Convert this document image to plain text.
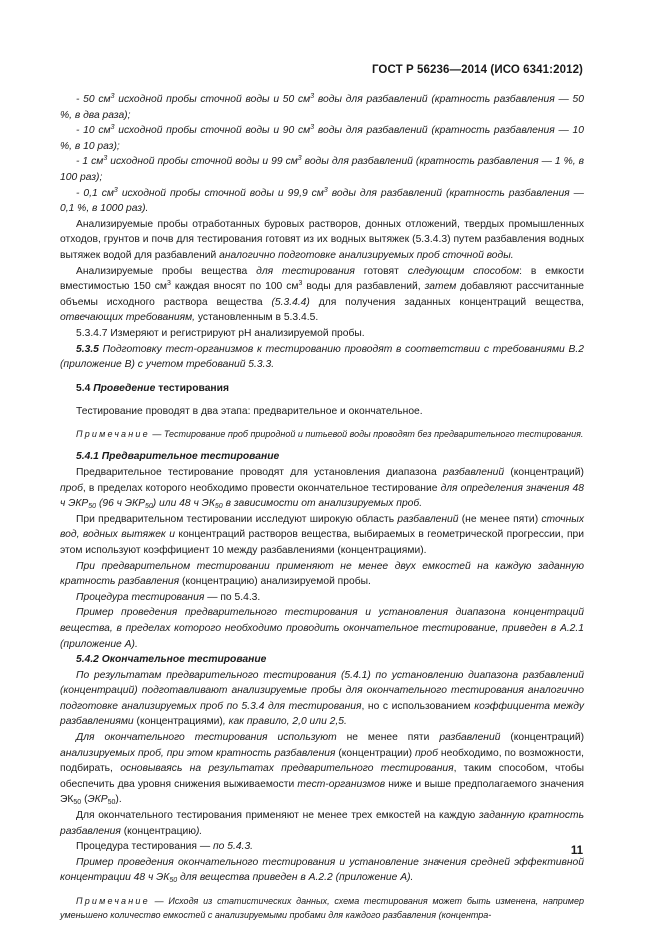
ГОСТ Р 56236—2014 (ИСО 6341:2012)

- 50 $см^3$ исходной пробы сточной воды и 50 $см^3$ воды для разбавлений (кратность разбавления — 50 %, в два раза);

- 10 $см^3$ исходной пробы сточной воды и 90 $см^3$ воды для разбавлений (кратность разбавления — 10 %, в 10 раз);

- 1 $см^3$ исходной пробы сточной воды и 99 $см^3$ воды для разбавлений (кратность разбавления — 1 %, в 100 раз);

- 0,1 $см^3$ исходной пробы сточной воды и 99,9 $см^3$ воды для разбавлений (кратность разбавления — 0,1 %, в 1000 раз).

Анализируемые пробы отработанных буровых растворов, донных отложений, твердых промышленных отходов, грунтов и почв для тестирования готовят из их водных вытяжек (5.3.4.3) путем разбавления водных вытяжек водой для разбавлений аналогично подготовке анализируемых проб сточной воды.

Анализируемые пробы вещества для тестирования готовят следующим способом: в емкости вместимостью 150 $см^3$ каждая вносят по 100 $см^3$ воды для разбавлений, затем добавляют рассчитанные объемы исходного раствора вещества (5.3.4.4) для получения заданных концентраций вещества, отвечающих требованиям, установленным в 5.3.4.5.

5.3.4.7 Измеряют и регистрируют рН анализируемой пробы.

5.3.5 Подготовку тест-организмов к тестированию проводят в соответствии с требованиями В.2 (приложение В) с учетом требований 5.3.3.

5.4 Проведение тестирования

Тестирование проводят в два этапа: предварительное и окончательное.

Примечание — Тестирование проб природной и питьевой воды проводят без предварительного тестирования.

5.4.1 Предварительное тестирование

Предварительное тестирование проводят для установления диапазона разбавлений (концентраций) проб, в пределах которого необходимо провести окончательное тестирование для определения значения 48 ч $ЭКР_{50}$ (96 ч $ЭКР_{50}$) или 48 ч $ЭК_{50}$ в зависимости от анализируемых проб.

При предварительном тестировании исследуют широкую область разбавлений (не менее пяти) сточных вод, водных вытяжек и концентраций растворов вещества, выбираемых в геометрической прогрессии, при этом используют коэффициент 10 между разбавлениями (концентрациями).

При предварительном тестировании применяют не менее двух емкостей на каждую заданную кратность разбавления (концентрацию) анализируемой пробы.

Процедура тестирования — по 5.4.3.

Пример проведения предварительного тестирования и установления диапазона концентраций вещества, в пределах которого необходимо проводить окончательное тестирование, приведен в А.2.1 (приложение А).

5.4.2 Окончательное тестирование

По результатам предварительного тестирования (5.4.1) по установлению диапазона разбавлений (концентраций) подготавливают анализируемые пробы для окончательного тестирования аналогично подготовке анализируемых проб по 5.3.4 для тестирования, но с использованием коэффициента между разбавлениями (концентрациями), как правило, 2,0 или 2,5.

Для окончательного тестирования используют не менее пяти разбавлений (концентраций) анализируемых проб, при этом кратность разбавления (концентрации) проб необходимо, по возможности, подбирать, основываясь на результатах предварительного тестирования, таким способом, чтобы обеспечить два уровня снижения выживаемости тест-организмов ниже и выше предполагаемого значения $ЭК_{50}$ $(ЭКР_{50})$.

Для окончательного тестирования применяют не менее трех емкостей на каждую заданную кратность разбавления (концентрацию).

Процедура тестирования — по 5.4.3.

Пример проведения окончательного тестирования и установление значения средней эффективной концентрации 48 ч $ЭК_{50}$ для вещества приведен в А.2.2 (приложение А).

Примечание — Исходя из статистических данных, схема тестирования может быть изменена, например уменьшено количество емкостей с анализируемыми пробами для каждого разбавления (концентра-

11
